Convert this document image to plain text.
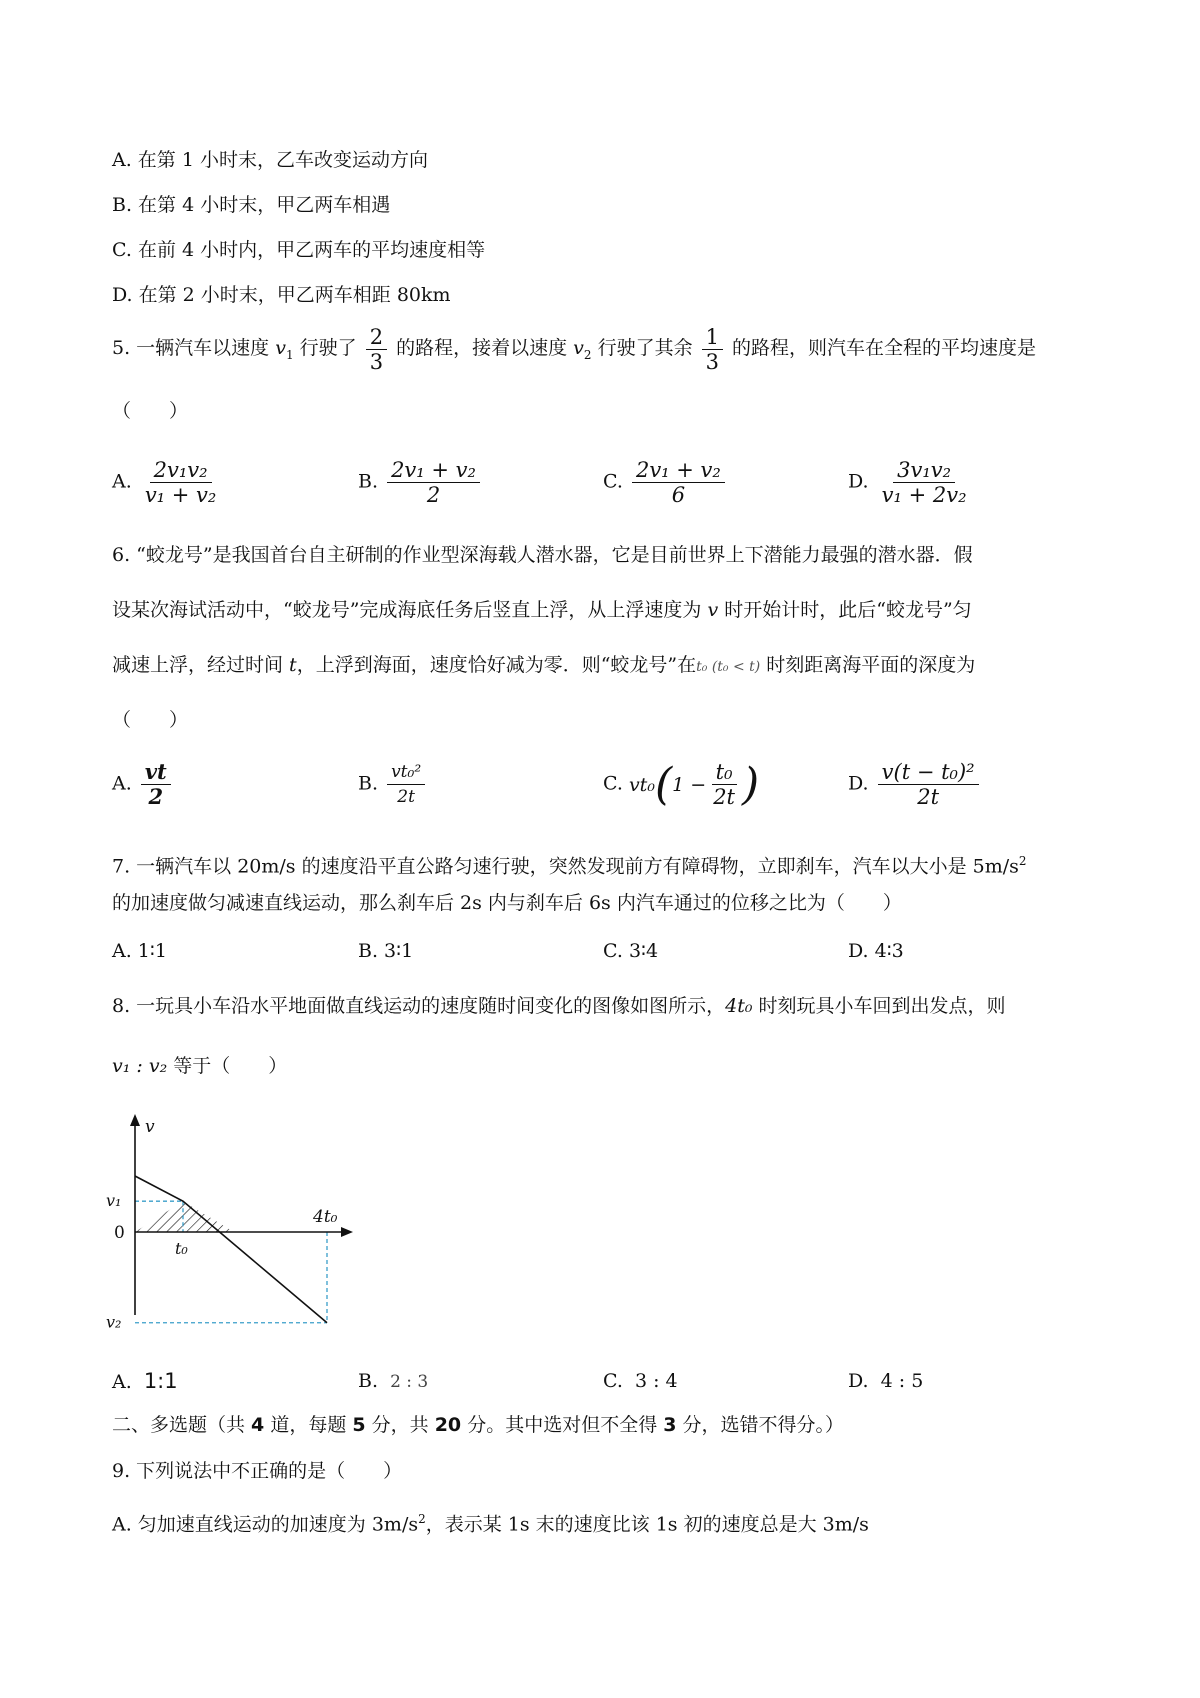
A. 在第 1 小时末，乙车改变运动方向
B. 在第 4 小时末，甲乙两车相遇
C. 在前 4 小时内，甲乙两车的平均速度相等
D. 在第 2 小时末，甲乙两车相距 80km
5. 一辆汽车以速度 $v_1$ 行驶了 $\frac{2}{3}$ 的路程，接着以速度 $v_2$ 行驶了其余 $\frac{1}{3}$ 的路程，则汽车在全程的平均速度是
（　　）
A. $\frac{\text{2v₁v₂}}{\text{v₁ + v₂}}$	B. $\frac{\text{2v₁ + v₂}}{2}$	C. $\frac{\text{2v₁ + v₂}}{6}$	D. $\frac{\text{3v₁v₂}}{\text{v₁ + 2v₂}}$
6. “蛟龙号”是我国首台自主研制的作业型深海载人潜水器，它是目前世界上下潜能力最强的潜水器．假
设某次海试活动中，“蛟龙号”完成海底任务后竖直上浮，从上浮速度为 v 时开始计时，此后“蛟龙号”匀
减速上浮，经过时间 t，上浮到海面，速度恰好减为零．则“蛟龙号”在t₀ (t₀ < t) 时刻距离海平面的深度为
（　　）
A. $\frac{vt}{2}$	B. $\frac{\text{vt₀²}}{2t}$	C. vt₀ ( $1 - \frac{\text{t₀}}{2t}$ )	D. $\frac{\text{v(t − t₀)²}}{2t}$
7. 一辆汽车以 20m/s 的速度沿平直公路匀速行驶，突然发现前方有障碍物，立即刹车，汽车以大小是 $5m/s^2$
的加速度做匀减速直线运动，那么刹车后 2s 内与刹车后 6s 内汽车通过的位移之比为（　　）
A. 1∶1	B. 3∶1	C. 3∶4	D. 4∶3
8. 一玩具小车沿水平地面做直线运动的速度随时间变化的图像如图所示，4t₀ 时刻玩具小车回到出发点，则
v₁ : v₂ 等于（　　）
v
v₁
0
v₂
t₀
4t₀
A. 1:1	B. 2 : 3	C. 3 : 4	D. 4 : 5
二、多选题（共 4 道，每题 5 分，共 20 分。其中选对但不全得 3 分，选错不得分。）
9. 下列说法中不正确的是（　　）
A. 匀加速直线运动的加速度为 $3m/s^2$，表示某 1s 末的速度比该 1s 初的速度总是大 3m/s
